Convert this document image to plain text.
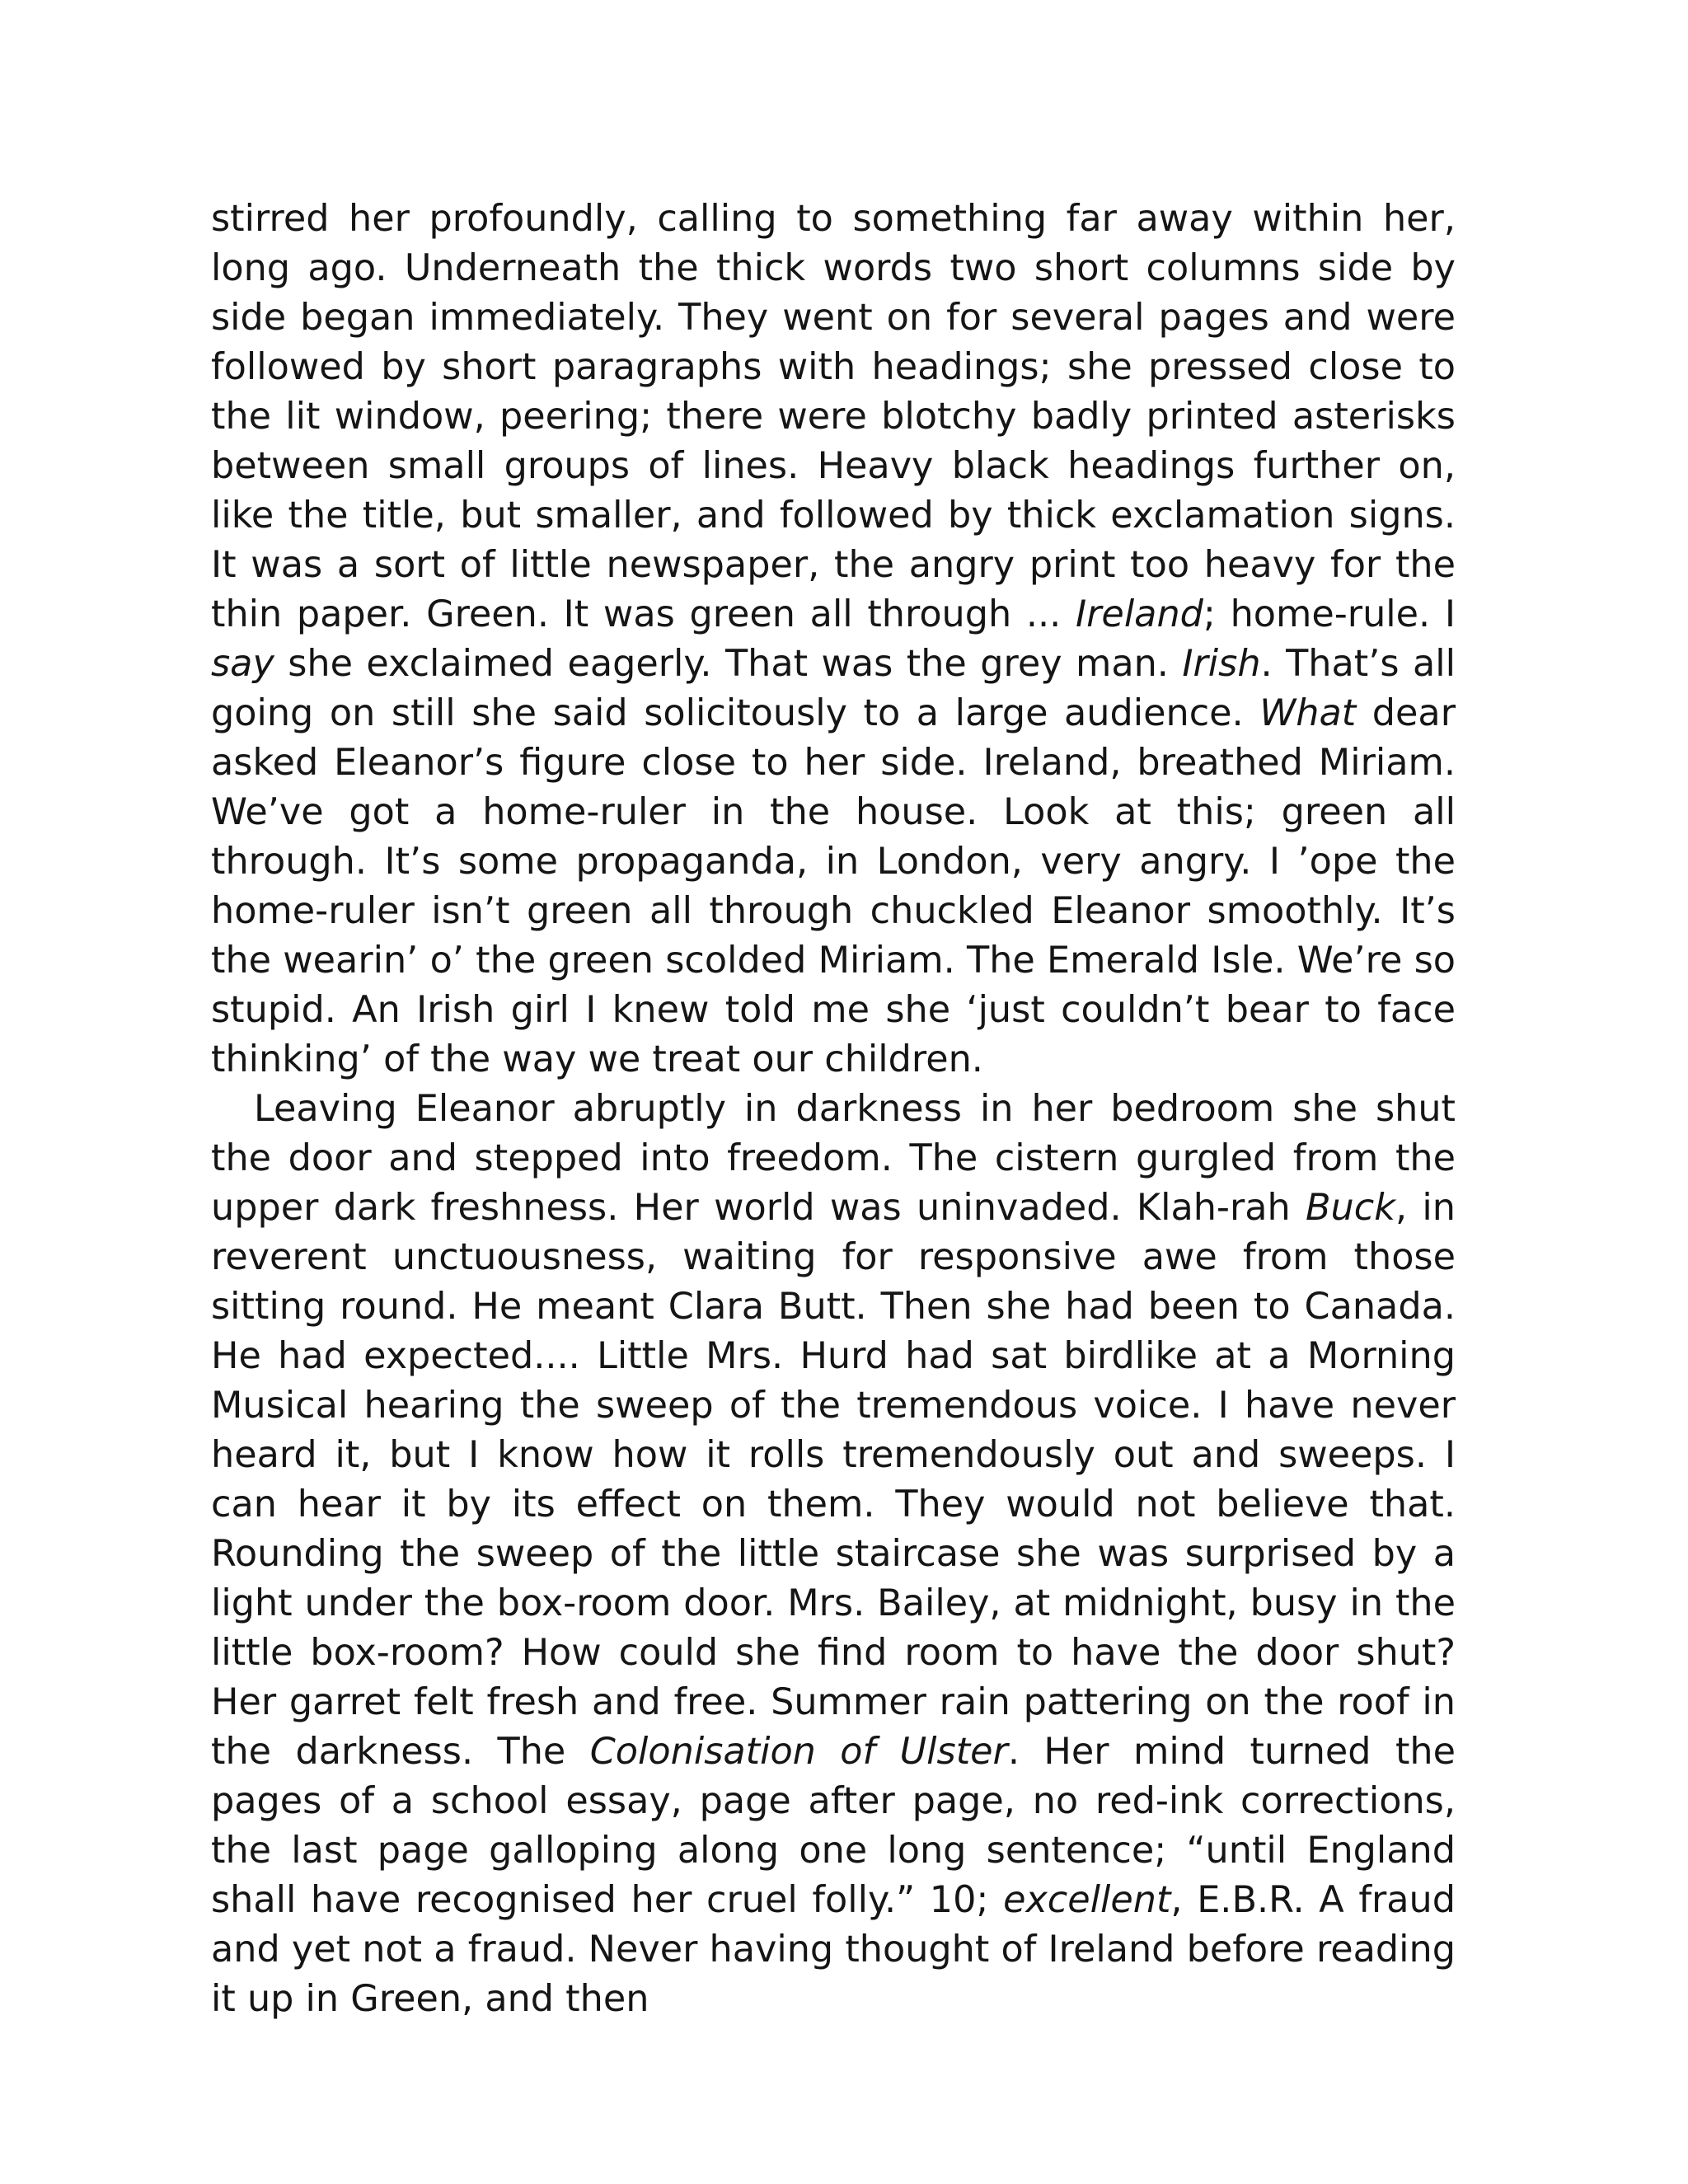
stirred her profoundly, calling to something far away within her, long ago. Underneath the thick words two short columns side by side began immediately. They went on for several pages and were followed by short paragraphs with headings; she pressed close to the lit window, peering; there were blotchy badly printed asterisks between small groups of lines. Heavy black headings further on, like the title, but smaller, and followed by thick exclamation signs. It was a sort of little newspaper, the angry print too heavy for the thin paper. Green. It was green all through ... Ireland; home-rule. I say she exclaimed eagerly. That was the grey man. Irish. That’s all going on still she said solicitously to a large audience. What dear asked Eleanor’s figure close to her side. Ireland, breathed Miriam. We’ve got a home-ruler in the house. Look at this; green all through. It’s some propaganda, in London, very angry. I ’ope the home-ruler isn’t green all through chuckled Eleanor smoothly. It’s the wearin’ o’ the green scolded Miriam. The Emerald Isle. We’re so stupid. An Irish girl I knew told me she ‘just couldn’t bear to face thinking’ of the way we treat our children.

Leaving Eleanor abruptly in darkness in her bedroom she shut the door and stepped into freedom. The cistern gurgled from the upper dark freshness. Her world was uninvaded. Klah-rah Buck, in reverent unctuousness, waiting for responsive awe from those sitting round. He meant Clara Butt. Then she had been to Canada. He had expected.... Little Mrs. Hurd had sat birdlike at a Morning Musical hearing the sweep of the tremendous voice. I have never heard it, but I know how it rolls tremendously out and sweeps. I can hear it by its effect on them. They would not believe that. Rounding the sweep of the little staircase she was surprised by a light under the box-room door. Mrs. Bailey, at midnight, busy in the little box-room? How could she find room to have the door shut? Her garret felt fresh and free. Summer rain pattering on the roof in the darkness. The Colonisation of Ulster. Her mind turned the pages of a school essay, page after page, no red-ink corrections, the last page galloping along one long sentence; “until England shall have recognised her cruel folly.” 10; excellent, E.B.R. A fraud and yet not a fraud. Never having thought of Ireland before reading it up in Green, and then
